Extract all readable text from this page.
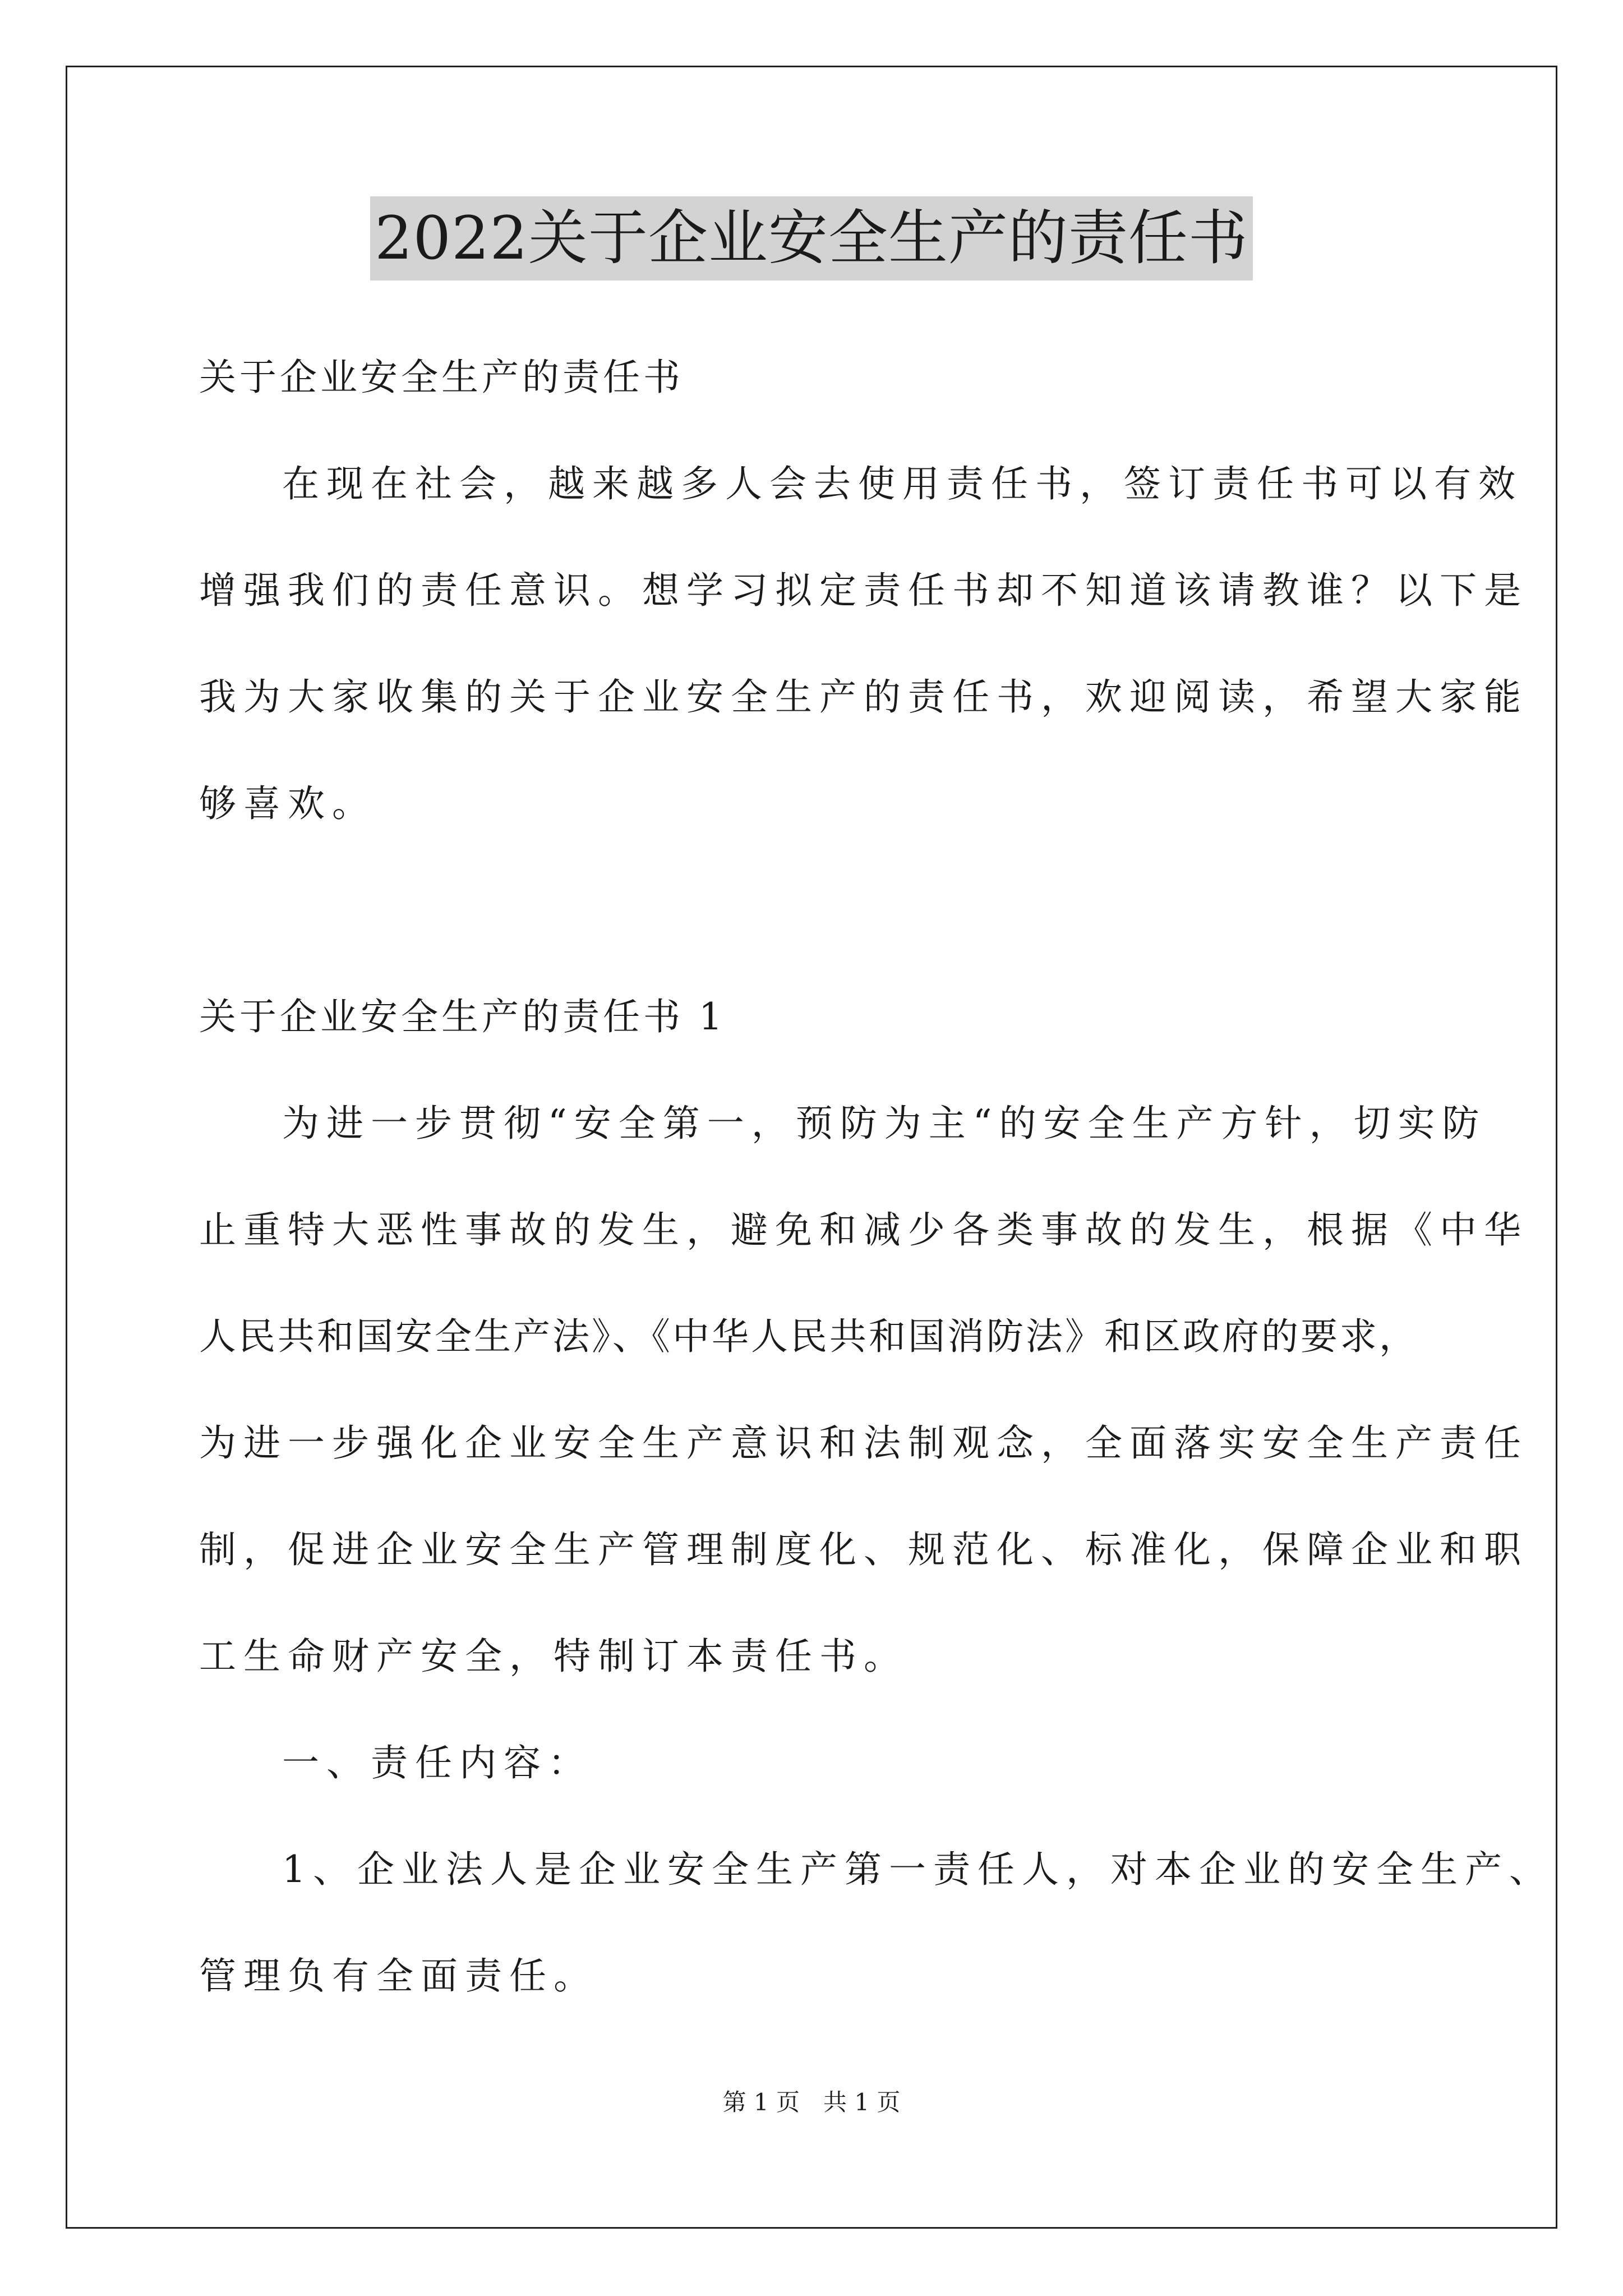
2022关于企业安全生产的责任书
关于企业安全生产的责任书
在现在社会，越来越多人会去使用责任书，签订责任书可以有效
增强我们的责任意识。想学习拟定责任书却不知道该请教谁？以下是
我为大家收集的关于企业安全生产的责任书，欢迎阅读，希望大家能
够喜欢。
关于企业安全生产的责任书 1
为进一步贯彻“安全第一，预防为主“的安全生产方针，切实防
止重特大恶性事故的发生，避免和减少各类事故的发生，根据《中华
人民共和国安全生产法》、《中华人民共和国消防法》和区政府的要求，
为进一步强化企业安全生产意识和法制观念，全面落实安全生产责任
制，促进企业安全生产管理制度化、规范化、标准化，保障企业和职
工生命财产安全，特制订本责任书。
一、责任内容：
1、企业法人是企业安全生产第一责任人，对本企业的安全生产、
管理负有全面责任。
第 1 页　共 1 页
